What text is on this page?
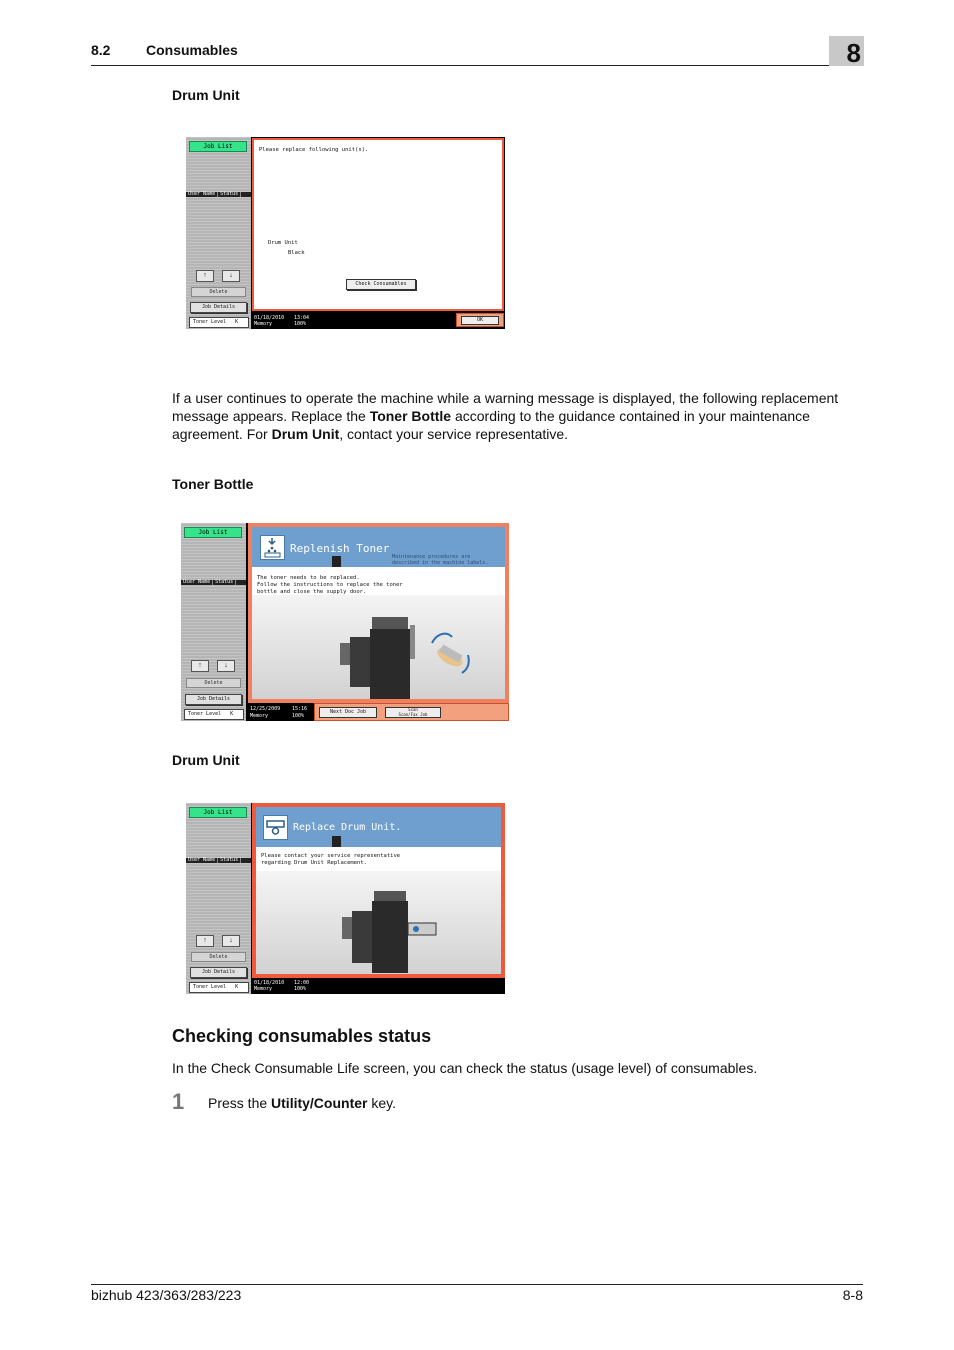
8.2	Consumables	8
Drum Unit
Job List
User Name	Status
↑	↓
Delete
Job Details
Toner Level K
Please replace following unit(s).
Drum Unit
Black
Check Consumables
01/18/2010 13:04
Memory	100%
OK
If a user continues to operate the machine while a warning message is displayed, the following replacement message appears. Replace the Toner Bottle according to the guidance contained in your maintenance agreement. For Drum Unit, contact your service representative.
Toner Bottle
Job List
User Name	Status
↑	↓
Delete
Job Details
Toner Level K
Replenish Toner
Maintenance procedures are
described in the machine labels.
The toner needs to be replaced.
Follow the instructions to replace the toner
bottle and close the supply door.
12/25/2009 15:16
Memory	100%
Next Doc Job	Scan
Scan/Fax Job
Drum Unit
Job List
User Name	Status
↑	↓
Delete
Job Details
Toner Level K
Replace Drum Unit.
Please contact your service representative
regarding Drum Unit Replacement.
01/18/2010 12:00
Memory	100%
Checking consumables status
In the Check Consumable Life screen, you can check the status (usage level) of consumables.
1 Press the Utility/Counter key.
bizhub 423/363/283/223	8-8
